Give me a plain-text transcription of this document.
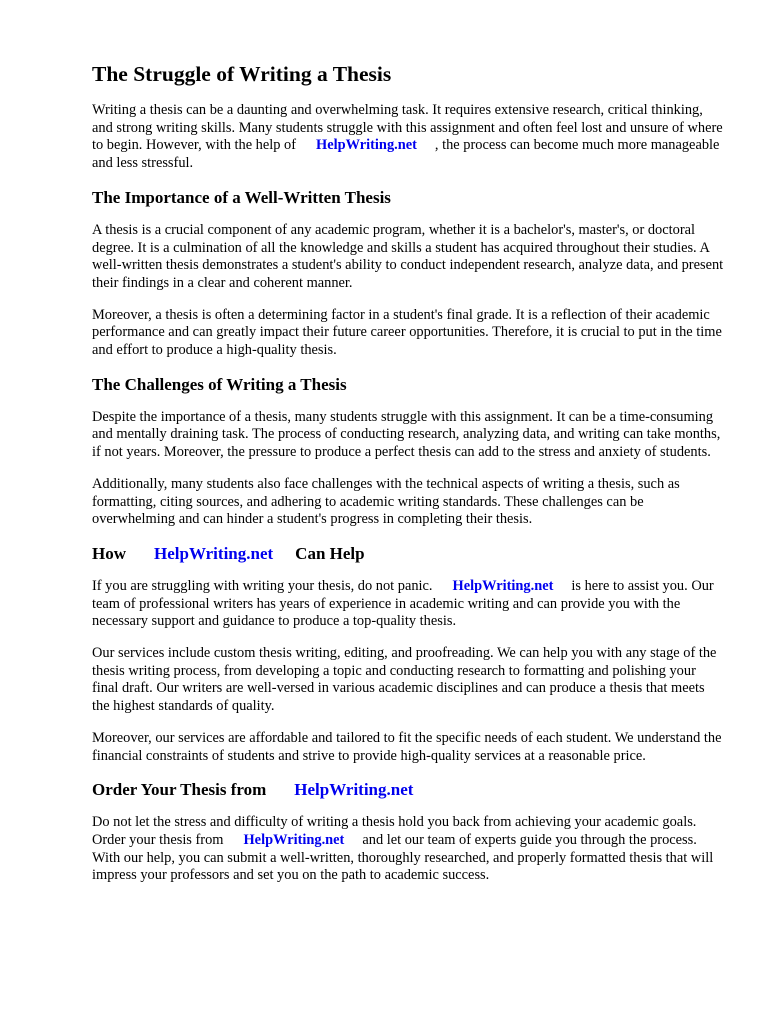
The Struggle of Writing a Thesis

Writing a thesis can be a daunting and overwhelming task. It requires extensive research, critical thinking, and strong writing skills. Many students struggle with this assignment and often feel lost and unsure of where to begin. However, with the help of HelpWriting.net , the process can become much more manageable and less stressful.

The Importance of a Well-Written Thesis

A thesis is a crucial component of any academic program, whether it is a bachelor's, master's, or doctoral degree. It is a culmination of all the knowledge and skills a student has acquired throughout their studies. A well-written thesis demonstrates a student's ability to conduct independent research, analyze data, and present their findings in a clear and coherent manner.

Moreover, a thesis is often a determining factor in a student's final grade. It is a reflection of their academic performance and can greatly impact their future career opportunities. Therefore, it is crucial to put in the time and effort to produce a high-quality thesis.

The Challenges of Writing a Thesis

Despite the importance of a thesis, many students struggle with this assignment. It can be a time-consuming and mentally draining task. The process of conducting research, analyzing data, and writing can take months, if not years. Moreover, the pressure to produce a perfect thesis can add to the stress and anxiety of students.

Additionally, many students also face challenges with the technical aspects of writing a thesis, such as formatting, citing sources, and adhering to academic writing standards. These challenges can be overwhelming and can hinder a student's progress in completing their thesis.

How HelpWriting.net Can Help

If you are struggling with writing your thesis, do not panic. HelpWriting.net is here to assist you. Our team of professional writers has years of experience in academic writing and can provide you with the necessary support and guidance to produce a top-quality thesis.

Our services include custom thesis writing, editing, and proofreading. We can help you with any stage of the thesis writing process, from developing a topic and conducting research to formatting and polishing your final draft. Our writers are well-versed in various academic disciplines and can produce a thesis that meets the highest standards of quality.

Moreover, our services are affordable and tailored to fit the specific needs of each student. We understand the financial constraints of students and strive to provide high-quality services at a reasonable price.

Order Your Thesis from HelpWriting.net

Do not let the stress and difficulty of writing a thesis hold you back from achieving your academic goals. Order your thesis from HelpWriting.net and let our team of experts guide you through the process. With our help, you can submit a well-written, thoroughly researched, and properly formatted thesis that will impress your professors and set you on the path to academic success.
